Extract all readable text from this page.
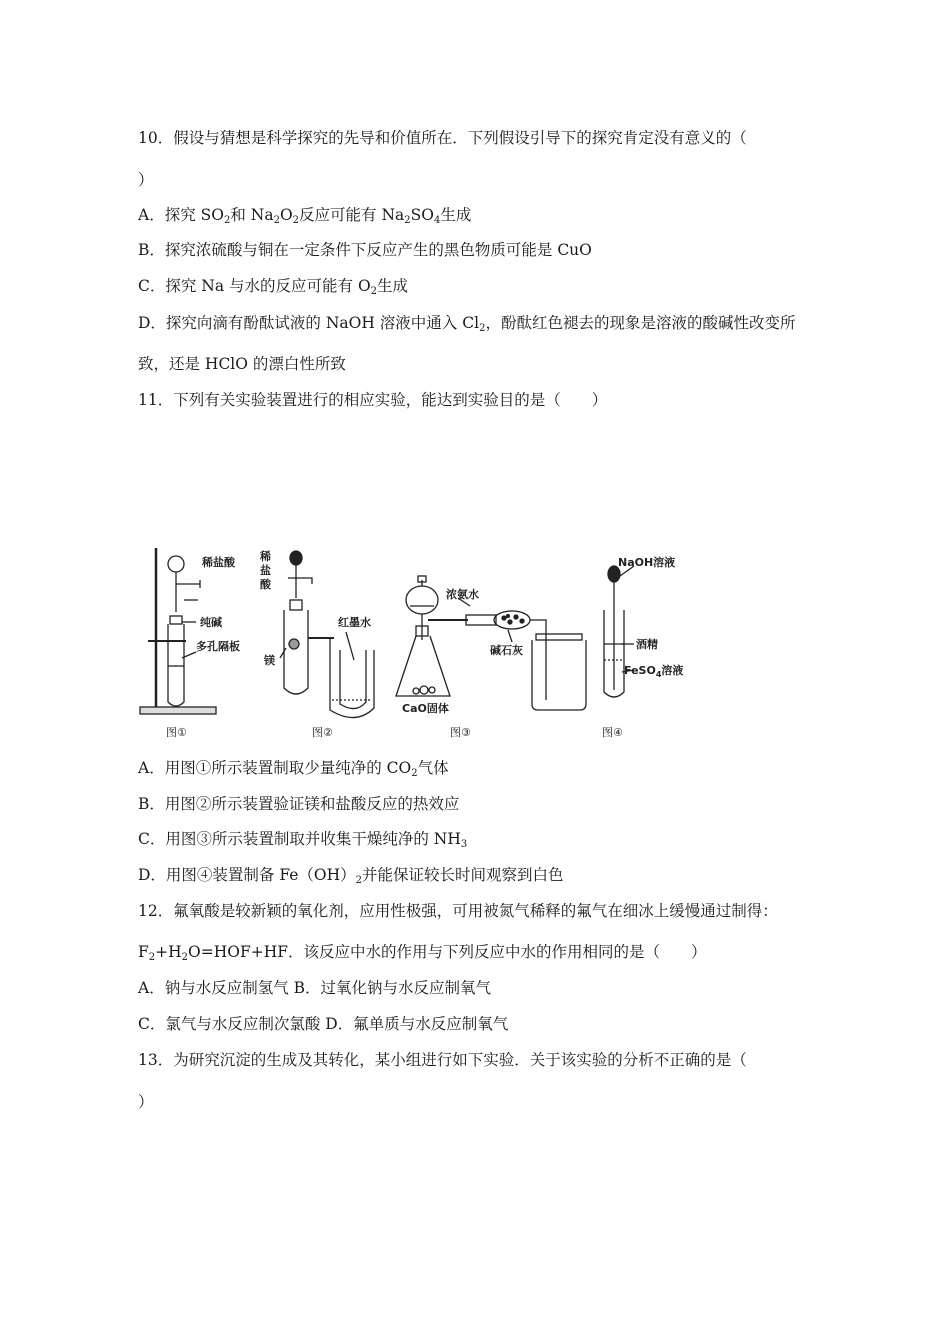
10．假设与猜想是科学探究的先导和价值所在．下列假设引导下的探究肯定没有意义的（
）
A．探究 $SO_2$和 $Na_2O_2$反应可能有 $Na_2SO_4$生成
B．探究浓硫酸与铜在一定条件下反应产生的黑色物质可能是 CuO
C．探究 Na 与水的反应可能有 $O_2$生成
D．探究向滴有酚酞试液的 NaOH 溶液中通入 $Cl_2$，酚酞红色褪去的现象是溶液的酸碱性改变所
致，还是 HClO 的漂白性所致
11．下列有关实验装置进行的相应实验，能达到实验目的是（　　）
稀盐酸
纯碱
多孔隔板
图①
稀
盐
酸
镁
红墨水
图②
浓氨水
碱石灰
CaO固体
图③
NaOH溶液
酒精
FeSO$_4$溶液
图④
A．用图①所示装置制取少量纯净的 $CO_2$气体
B．用图②所示装置验证镁和盐酸反应的热效应
C．用图③所示装置制取并收集干燥纯净的 $NH_3$
D．用图④装置制备 $Fe(OH)_2$并能保证较长时间观察到白色
12．氟氧酸是较新颖的氧化剂，应用性极强，可用被氮气稀释的氟气在细冰上缓慢通过制得：
$F_2+H_2O=HOF+HF$．该反应中水的作用与下列反应中水的作用相同的是（　　）
A．钠与水反应制氢气 B．过氧化钠与水反应制氧气
C．氯气与水反应制次氯酸 D．氟单质与水反应制氧气
13．为研究沉淀的生成及其转化，某小组进行如下实验．关于该实验的分析不正确的是（
）
